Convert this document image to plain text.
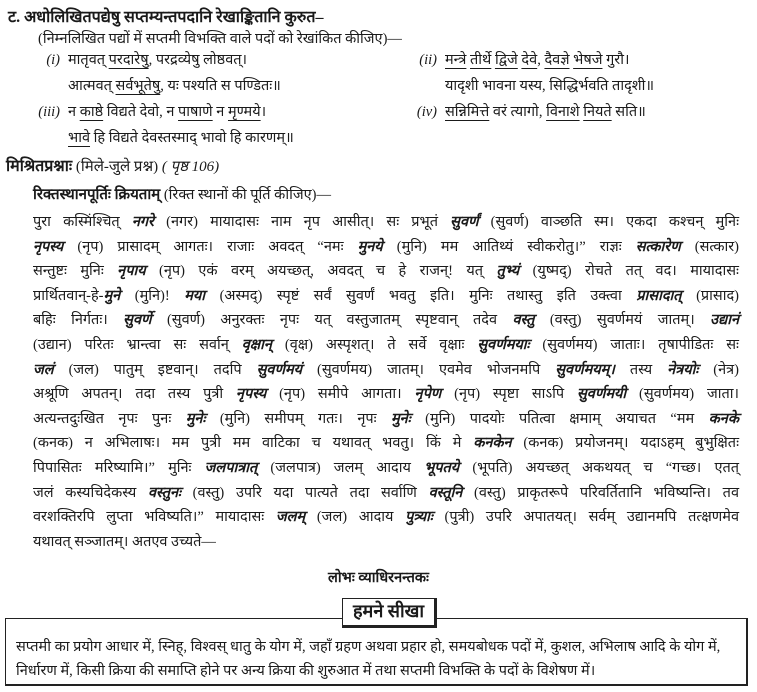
ट. अधोलिखितपद्येषु सप्तम्यन्तपदानि रेखाङ्कितानि कुरुत–
(निम्नलिखित पद्यों में सप्तमी विभक्ति वाले पदों को रेखांकित कीजिए)—
(i) मातृवत् परदारेषु, परद्रव्येषु लोष्ठवत्।
आत्मवत् सर्वभूतेषु, यः पश्यति स पण्डितः॥
(ii) मन्त्रे तीर्थे द्विजे देवे, दैवज्ञे भेषजे गुरौ।
यादृशी भावना यस्य, सिद्धिर्भवति तादृशी॥
(iii) न काष्ठे विद्यते देवो, न पाषाणे न मृण्मये।
भावे हि विद्यते देवस्तस्माद् भावो हि कारणम्॥
(iv) सन्निमित्ते वरं त्यागो, विनाशे नियते सति॥
मिश्रितप्रश्नाः (मिले-जुले प्रश्न) ( पृष्ठ 106)
रिक्तस्थानपूर्तिः क्रियताम् (रिक्त स्थानों की पूर्ति कीजिए)—
पुरा कस्मिंश्चित् नगरे (नगर) मायादासः नाम नृप आसीत्। सः प्रभूतं सुवर्णं (सुवर्ण) वाञ्छति स्म। एकदा कश्चन् मुनिः
नृपस्य (नृप) प्रासादम् आगतः। राजाः अवदत् “नमः मुनये (मुनि) मम आतिथ्यं स्वीकरोतु।” राज्ञः सत्कारेण (सत्कार)
सन्तुष्टः मुनिः नृपाय (नृप) एकं वरम् अयच्छत्, अवदत् च हे राजन्! यत् तुभ्यं (युष्मद्) रोचते तत् वद। मायादासः
प्रार्थितवान्-हे-मुने (मुनि)! मया (अस्मद्) स्पृष्टं सर्वं सुवर्णं भवतु इति। मुनिः तथास्तु इति उक्त्वा प्रासादात् (प्रासाद)
बहिः निर्गतः। सुवर्णे (सुवर्ण) अनुरक्तः नृपः यत् वस्तुजातम् स्पृष्टवान् तदेव वस्तु (वस्तु) सुवर्णमयं जातम्। उद्यानं
(उद्यान) परितः भ्रान्त्वा सः सर्वान् वृक्षान् (वृक्ष) अस्पृशत्। ते सर्वे वृक्षाः सुवर्णमयाः (सुवर्णमय) जाताः। तृषापीडितः सः
जलं (जल) पातुम् इष्टवान्। तदपि सुवर्णमयं (सुवर्णमय) जातम्। एवमेव भोजनमपि सुवर्णमयम्। तस्य नेत्रयोः (नेत्र)
अश्रूणि अपतन्। तदा तस्य पुत्री नृपस्य (नृप) समीपे आगता। नृपेण (नृप) स्पृष्टा साऽपि सुवर्णमयी (सुवर्णमय) जाता।
अत्यन्तदुःखित नृपः पुनः मुनेः (मुनि) समीपम् गतः। नृपः मुनेः (मुनि) पादयोः पतित्वा क्षमाम् अयाचत “मम कनके
(कनक) न अभिलाषः। मम पुत्री मम वाटिका च यथावत् भवतु। किं मे कनकेन (कनक) प्रयोजनम्। यदाऽहम् बुभुक्षितः
पिपासितः मरिष्यामि।” मुनिः जलपात्रात् (जलपात्र) जलम् आदाय भूपतये (भूपति) अयच्छत् अकथयत् च “गच्छ। एतत्
जलं कस्यचिदेकस्य वस्तुनः (वस्तु) उपरि यदा पात्यते तदा सर्वाणि वस्तूनि (वस्तु) प्राकृतरूपे परिवर्तितानि भविष्यन्ति। तव
वरशक्तिरपि लुप्ता भविष्यति।” मायादासः जलम् (जल) आदाय पुत्र्याः (पुत्री) उपरि अपातयत्। सर्वम् उद्यानमपि तत्क्षणमेव
यथावत् सञ्जातम्। अतएव उच्यते—
लोभः व्याधिरनन्तकः
सप्तमी का प्रयोग आधार में, स्निह्, विश्वस् धातु के योग में, जहाँ ग्रहण अथवा प्रहार हो, समयबोधक पदों में, कुशल, अभिलाष आदि के योग में, निर्धारण में, किसी क्रिया की समाप्ति होने पर अन्य क्रिया की शुरुआत में तथा सप्तमी विभक्ति के पदों के विशेषण में।
हमने सीखा
